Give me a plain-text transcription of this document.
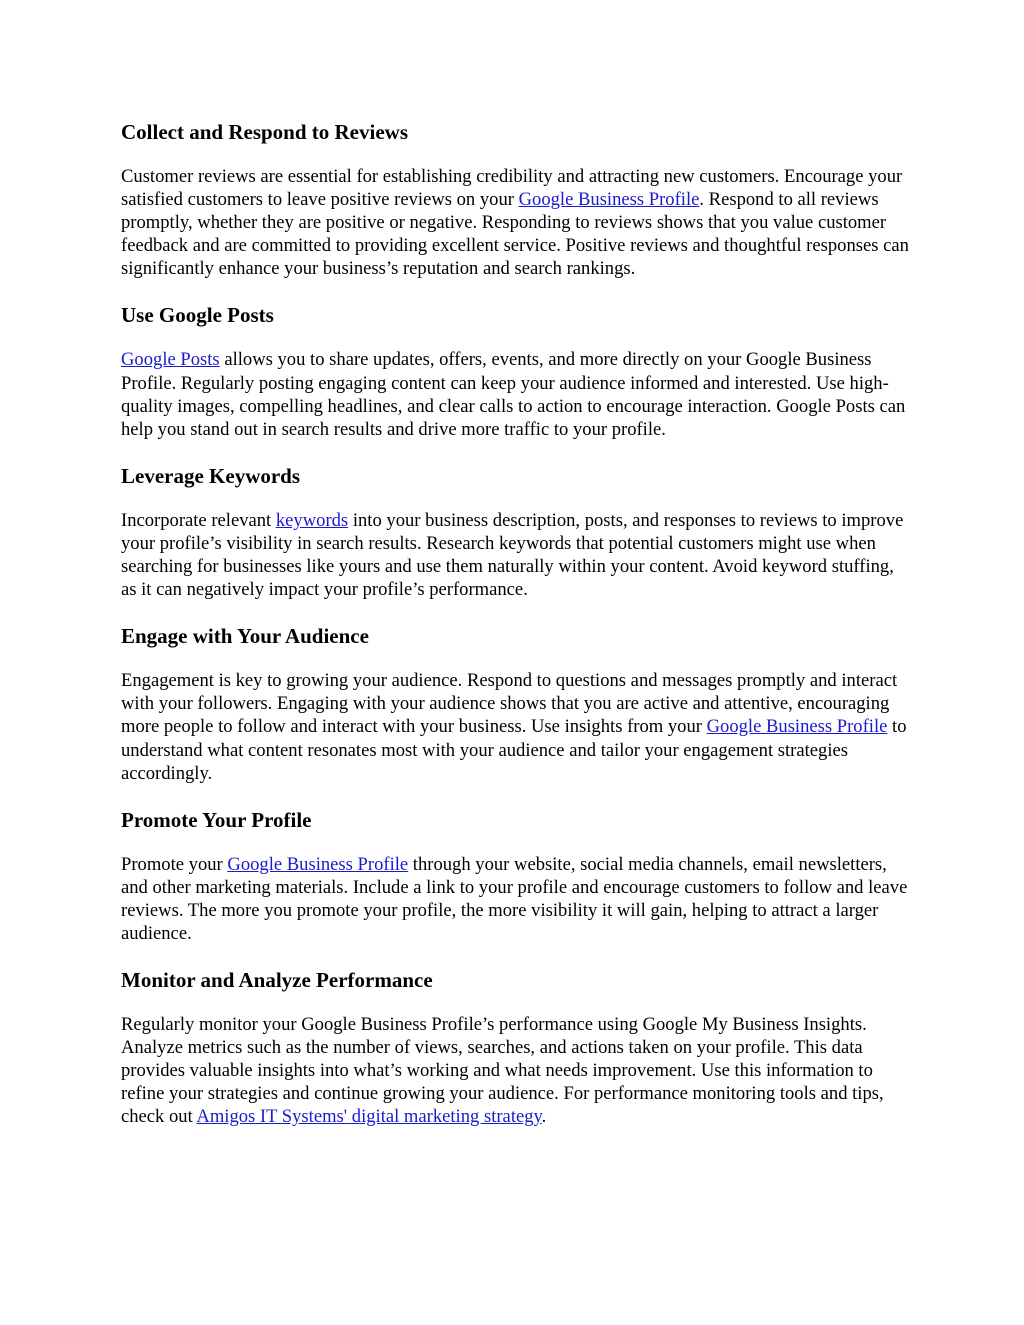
Collect and Respond to Reviews

Customer reviews are essential for establishing credibility and attracting new customers. Encourage your satisfied customers to leave positive reviews on your Google Business Profile. Respond to all reviews promptly, whether they are positive or negative. Responding to reviews shows that you value customer feedback and are committed to providing excellent service. Positive reviews and thoughtful responses can significantly enhance your business’s reputation and search rankings.

Use Google Posts

Google Posts allows you to share updates, offers, events, and more directly on your Google Business Profile. Regularly posting engaging content can keep your audience informed and interested. Use high-quality images, compelling headlines, and clear calls to action to encourage interaction. Google Posts can help you stand out in search results and drive more traffic to your profile.

Leverage Keywords

Incorporate relevant keywords into your business description, posts, and responses to reviews to improve your profile’s visibility in search results. Research keywords that potential customers might use when searching for businesses like yours and use them naturally within your content. Avoid keyword stuffing, as it can negatively impact your profile’s performance.

Engage with Your Audience

Engagement is key to growing your audience. Respond to questions and messages promptly and interact with your followers. Engaging with your audience shows that you are active and attentive, encouraging more people to follow and interact with your business. Use insights from your Google Business Profile to understand what content resonates most with your audience and tailor your engagement strategies accordingly.

Promote Your Profile

Promote your Google Business Profile through your website, social media channels, email newsletters, and other marketing materials. Include a link to your profile and encourage customers to follow and leave reviews. The more you promote your profile, the more visibility it will gain, helping to attract a larger audience.

Monitor and Analyze Performance

Regularly monitor your Google Business Profile’s performance using Google My Business Insights. Analyze metrics such as the number of views, searches, and actions taken on your profile. This data provides valuable insights into what’s working and what needs improvement. Use this information to refine your strategies and continue growing your audience. For performance monitoring tools and tips, check out Amigos IT Systems' digital marketing strategy.
